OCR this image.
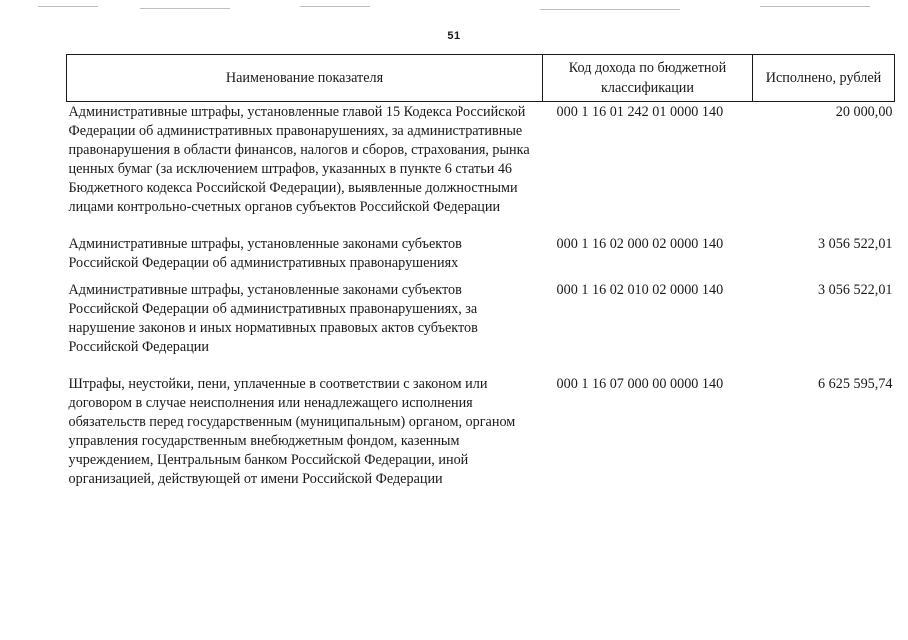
51
Наименование показателя	Код дохода по бюджетной классификации	Исполнено, рублей
Административные штрафы, установленные главой 15 Кодекса Российской Федерации об административных правонарушениях, за административные правонарушения в области финансов, налогов и сборов, страхования, рынка ценных бумаг (за исключением штрафов, указанных в пункте 6 статьи 46 Бюджетного кодекса Российской Федерации), выявленные должностными лицами контрольно-счетных органов субъектов Российской Федерации	000 1 16 01 242 01 0000 140	20 000,00
Административные штрафы, установленные законами субъектов Российской Федерации об административных правонарушениях	000 1 16 02 000 02 0000 140	3 056 522,01
Административные штрафы, установленные законами субъектов Российской Федерации об административных правонарушениях, за нарушение законов и иных нормативных правовых актов субъектов Российской Федерации	000 1 16 02 010 02 0000 140	3 056 522,01
Штрафы, неустойки, пени, уплаченные в соответствии с законом или договором в случае неисполнения или ненадлежащего исполнения обязательств перед государственным (муниципальным) органом, органом управления государственным внебюджетным фондом, казенным учреждением, Центральным банком Российской Федерации, иной организацией, действующей от имени Российской Федерации	000 1 16 07 000 00 0000 140	6 625 595,74
